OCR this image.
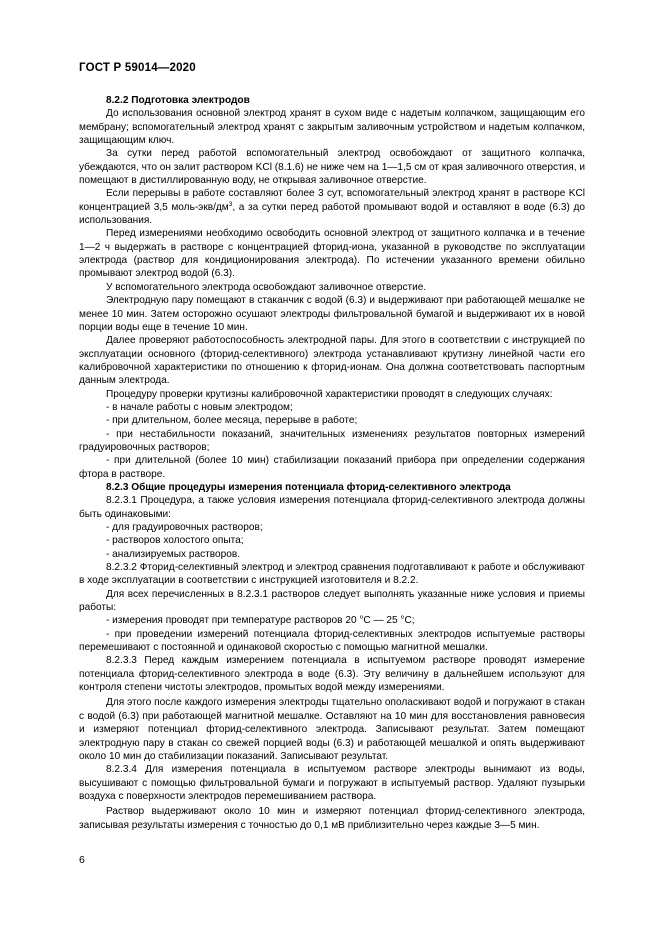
ГОСТ Р 59014—2020

8.2.2 Подготовка электродов

До использования основной электрод хранят в сухом виде с надетым колпачком, защищающим его мембрану; вспомогательный электрод хранят с закрытым заливочным устройством и надетым колпачком, защищающим ключ.

За сутки перед работой вспомогательный электрод освобождают от защитного колпачка, убеждаются, что он залит раствором KCl (8.1.6) не ниже чем на 1—1,5 см от края заливочного отверстия, и помещают в дистиллированную воду, не открывая заливочное отверстие.

Если перерывы в работе составляют более 3 сут, вспомогательный электрод хранят в растворе KCl концентрацией 3,5 моль-$экв/дм^3$, а за сутки перед работой промывают водой и оставляют в воде (6.3) до использования.

Перед измерениями необходимо освободить основной электрод от защитного колпачка и в течение 1—2 ч выдержать в растворе с концентрацией фторид-иона, указанной в руководстве по эксплуатации электрода (раствор для кондиционирования электрода). По истечении указанного времени обильно промывают электрод водой (6.3).

У вспомогательного электрода освобождают заливочное отверстие.

Электродную пару помещают в стаканчик с водой (6.3) и выдерживают при работающей мешалке не менее 10 мин. Затем осторожно осушают электроды фильтровальной бумагой и выдерживают их в новой порции воды еще в течение 10 мин.

Далее проверяют работоспособность электродной пары. Для этого в соответствии с инструкцией по эксплуатации основного (фторид-селективного) электрода устанавливают крутизну линейной части его калибровочной характеристики по отношению к фторид-ионам. Она должна соответствовать паспортным данным электрода.

Процедуру проверки крутизны калибровочной характеристики проводят в следующих случаях:

- в начале работы с новым электродом;

- при длительном, более месяца, перерыве в работе;

- при нестабильности показаний, значительных изменениях результатов повторных измерений градуировочных растворов;

- при длительной (более 10 мин) стабилизации показаний прибора при определении содержания фтора в растворе.

8.2.3 Общие процедуры измерения потенциала фторид-селективного электрода

8.2.3.1 Процедура, а также условия измерения потенциала фторид-селективного электрода должны быть одинаковыми:

- для градуировочных растворов;

- растворов холостого опыта;

- анализируемых растворов.

8.2.3.2 Фторид-селективный электрод и электрод сравнения подготавливают к работе и обслуживают в ходе эксплуатации в соответствии с инструкцией изготовителя и 8.2.2.

Для всех перечисленных в 8.2.3.1 растворов следует выполнять указанные ниже условия и приемы работы:

- измерения проводят при температуре растворов 20 °С — 25 °С;

- при проведении измерений потенциала фторид-селективных электродов испытуемые растворы перемешивают с постоянной и одинаковой скоростью с помощью магнитной мешалки.

8.2.3.3 Перед каждым измерением потенциала в испытуемом растворе проводят измерение потенциала фторид-селективного электрода в воде (6.3). Эту величину в дальнейшем используют для контроля степени чистоты электродов, промытых водой между измерениями.

Для этого после каждого измерения электроды тщательно ополаскивают водой и погружают в стакан с водой (6.3) при работающей магнитной мешалке. Оставляют на 10 мин для восстановления равновесия и измеряют потенциал фторид-селективного электрода. Записывают результат. Затем помещают электродную пару в стакан со свежей порцией воды (6.3) и работающей мешалкой и опять выдерживают около 10 мин до стабилизации показаний. Записывают результат.

8.2.3.4 Для измерения потенциала в испытуемом растворе электроды вынимают из воды, высушивают с помощью фильтровальной бумаги и погружают в испытуемый раствор. Удаляют пузырьки воздуха с поверхности электродов перемешиванием раствора.

Раствор выдерживают около 10 мин и измеряют потенциал фторид-селективного электрода, записывая результаты измерения с точностью до 0,1 мВ приблизительно через каждые 3—5 мин.

6
